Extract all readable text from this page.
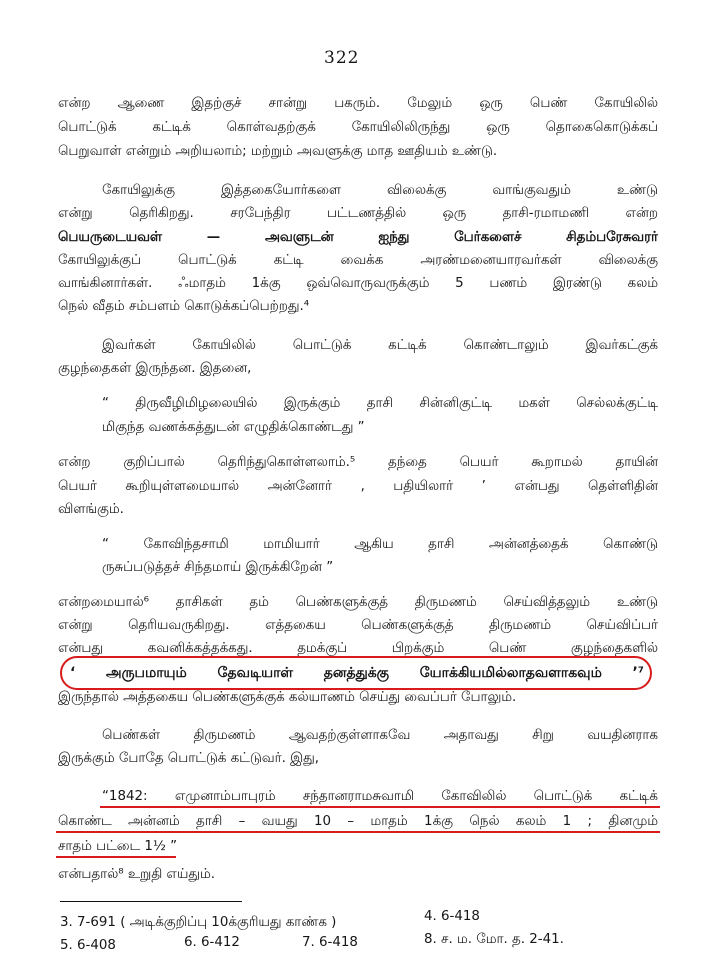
322
என்ற ஆணை இதற்குச் சான்று பகரும். மேலும் ஒரு பெண் கோயிலில்
பொட்டுக் கட்டிக் கொள்வதற்குக் கோயிலிலிருந்து ஒரு தொகைகொடுக்கப்
பெறுவாள் என்றும் அறியலாம்; மற்றும் அவளுக்கு மாத ஊதியம் உண்டு.
கோயிலுக்கு இத்தகையோர்களை விலைக்கு வாங்குவதும் உண்டு
என்று தெரிகிறது. சரபேந்திர பட்டணத்தில் ஒரு தாசி-ரமாமணி என்ற
பெயருடையவள் — அவளுடன் ஐந்து பேர்களைச் சிதம்பரேசுவரர்
கோயிலுக்குப் பொட்டுக் கட்டி வைக்க அரண்மனையாரவர்கள் விலைக்கு
வாங்கினார்கள். ஃமாதம் 1க்கு ஒவ்வொருவருக்கும் 5 பணம் இரண்டு கலம்
நெல் வீதம் சம்பளம் கொடுக்கப்பெற்றது.⁴
இவர்கள் கோயிலில் பொட்டுக் கட்டிக் கொண்டாலும் இவர்கட்குக்
குழந்தைகள் இருந்தன. இதனை,
“ திருவீழிமிழலையில் இருக்கும் தாசி சின்னிகுட்டி மகள் செல்லக்குட்டி
மிகுந்த வணக்கத்துடன் எழுதிக்கொண்டது ”
என்ற குறிப்பால் தெரிந்துகொள்ளலாம்.⁵ தந்தை பெயர் கூறாமல் தாயின்
பெயர் கூறியுள்ளமையால் அன்னோர் ‚ பதியிலார் ’ என்பது தெள்ளிதின்
விளங்கும்.
“ கோவிந்தசாமி மாமியார் ஆகிய தாசி அன்னத்தைக் கொண்டு
ருசுப்படுத்தச் சிந்தமாய் இருக்கிறேன் ”
என்றமையால்⁶ தாசிகள் தம் பெண்களுக்குத் திருமணம் செய்வித்தலும் உண்டு
என்று தெரியவருகிறது. எத்தகைய பெண்களுக்குத் திருமணம் செய்விப்பர்
என்பது கவனிக்கத்தக்கது. தமக்குப் பிறக்கும் பெண் குழந்தைகளில்
‘ அருபமாயும் தேவடியாள் தனத்துக்கு யோக்கியமில்லாதவளாகவும் ’⁷
இருந்தால் அத்தகைய பெண்களுக்குக் கல்யாணம் செய்து வைப்பர் போலும்.
பெண்கள் திருமணம் ஆவதற்குள்ளாகவே அதாவது சிறு வயதினராக
இருக்கும் போதே பொட்டுக் கட்டுவர். இது,
“1842: எமுனாம்பாபுரம் சந்தானராமசுவாமி கோவிலில் பொட்டுக் கட்டிக்
கொண்ட அன்னம் தாசி – வயது 10 – மாதம் 1க்கு நெல் கலம் 1 ; தினமும்
சாதம் பட்டை 1½ ”
என்பதால்⁸ உறுதி எய்தும்.
3. 7-691 ( அடிக்குறிப்பு 10க்குரியது காண்க )	4. 6-418
5. 6-408	6. 6-412	7. 6-418	8. ச. ம. மோ. த. 2-41.
